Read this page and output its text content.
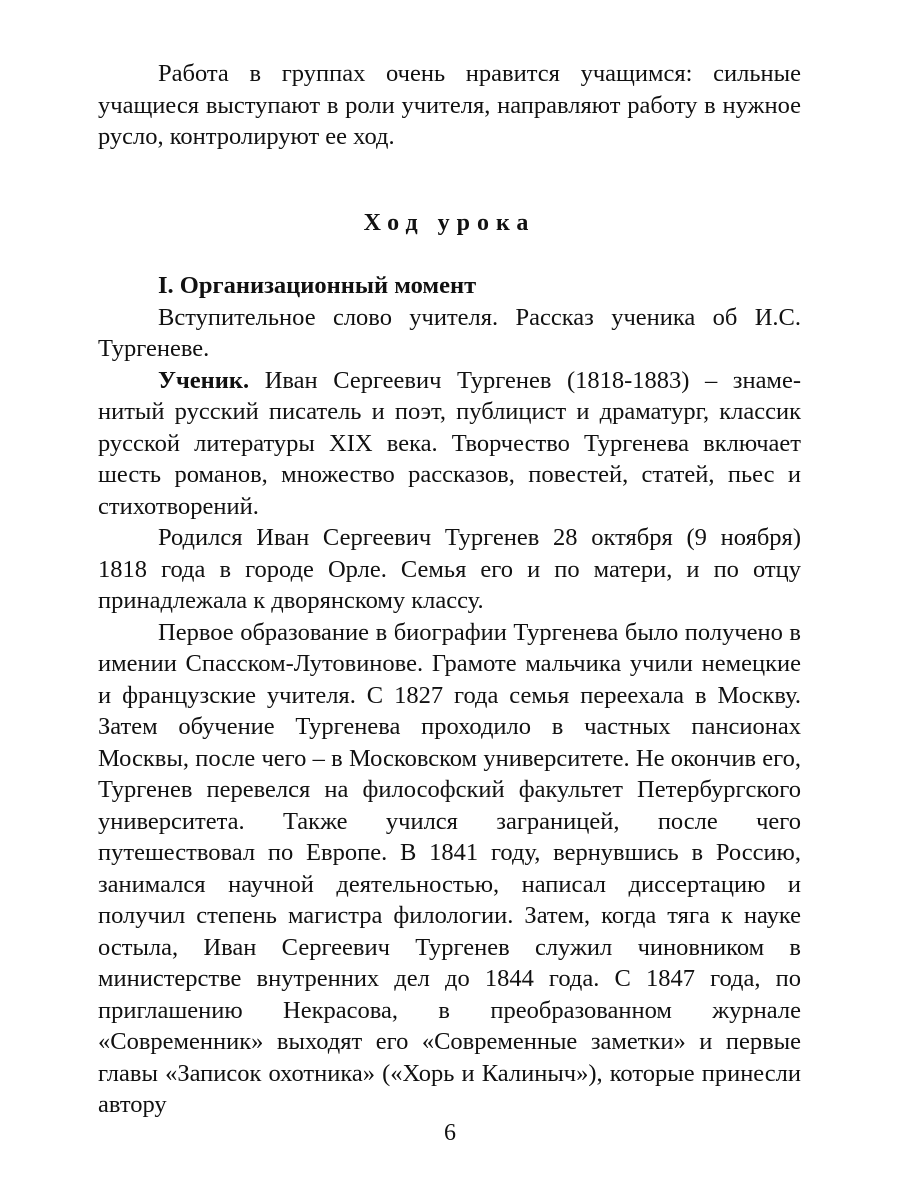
Работа в группах очень нравится учащимся: сильные учащиеся выступают в роли учителя, направляют работу в нужное русло, контролируют ее ход.

Ход урока
I. Организационный момент

Вступительное слово учителя. Рассказ ученика об И.С. Тургеневе.

Ученик. Иван Сергеевич Тургенев (1818-1883) – знаменитый русский писатель и поэт, публицист и драматург, классик русской литературы XIX века. Творчество Тургенева включает шесть романов, множество рассказов, повестей, статей, пьес и стихотворений.

Родился Иван Сергеевич Тургенев 28 октября (9 ноября) 1818 года в городе Орле. Семья его и по матери, и по отцу принадлежала к дворянскому классу.

Первое образование в биографии Тургенева было получено в имении Спасском-Лутовинове. Грамоте мальчика учили немецкие и французские учителя. С 1827 года семья переехала в Москву. Затем обучение Тургенева проходило в частных пансионах Москвы, после чего – в Московском университете. Не окончив его, Тургенев перевелся на философский факультет Петербургского университета. Также учился заграницей, после чего путешествовал по Европе. В 1841 году, вернувшись в Россию, занимался научной деятельностью, написал диссертацию и получил степень магистра филологии. Затем, когда тяга к науке остыла, Иван Сергеевич Тургенев служил чиновником в министерстве внутренних дел до 1844 года. С 1847 года, по приглашению Некрасова, в преобразованном журнале «Современник» выходят его «Современные заметки» и первые главы «Записок охотника» («Хорь и Калиныч»), которые принесли автору

6
